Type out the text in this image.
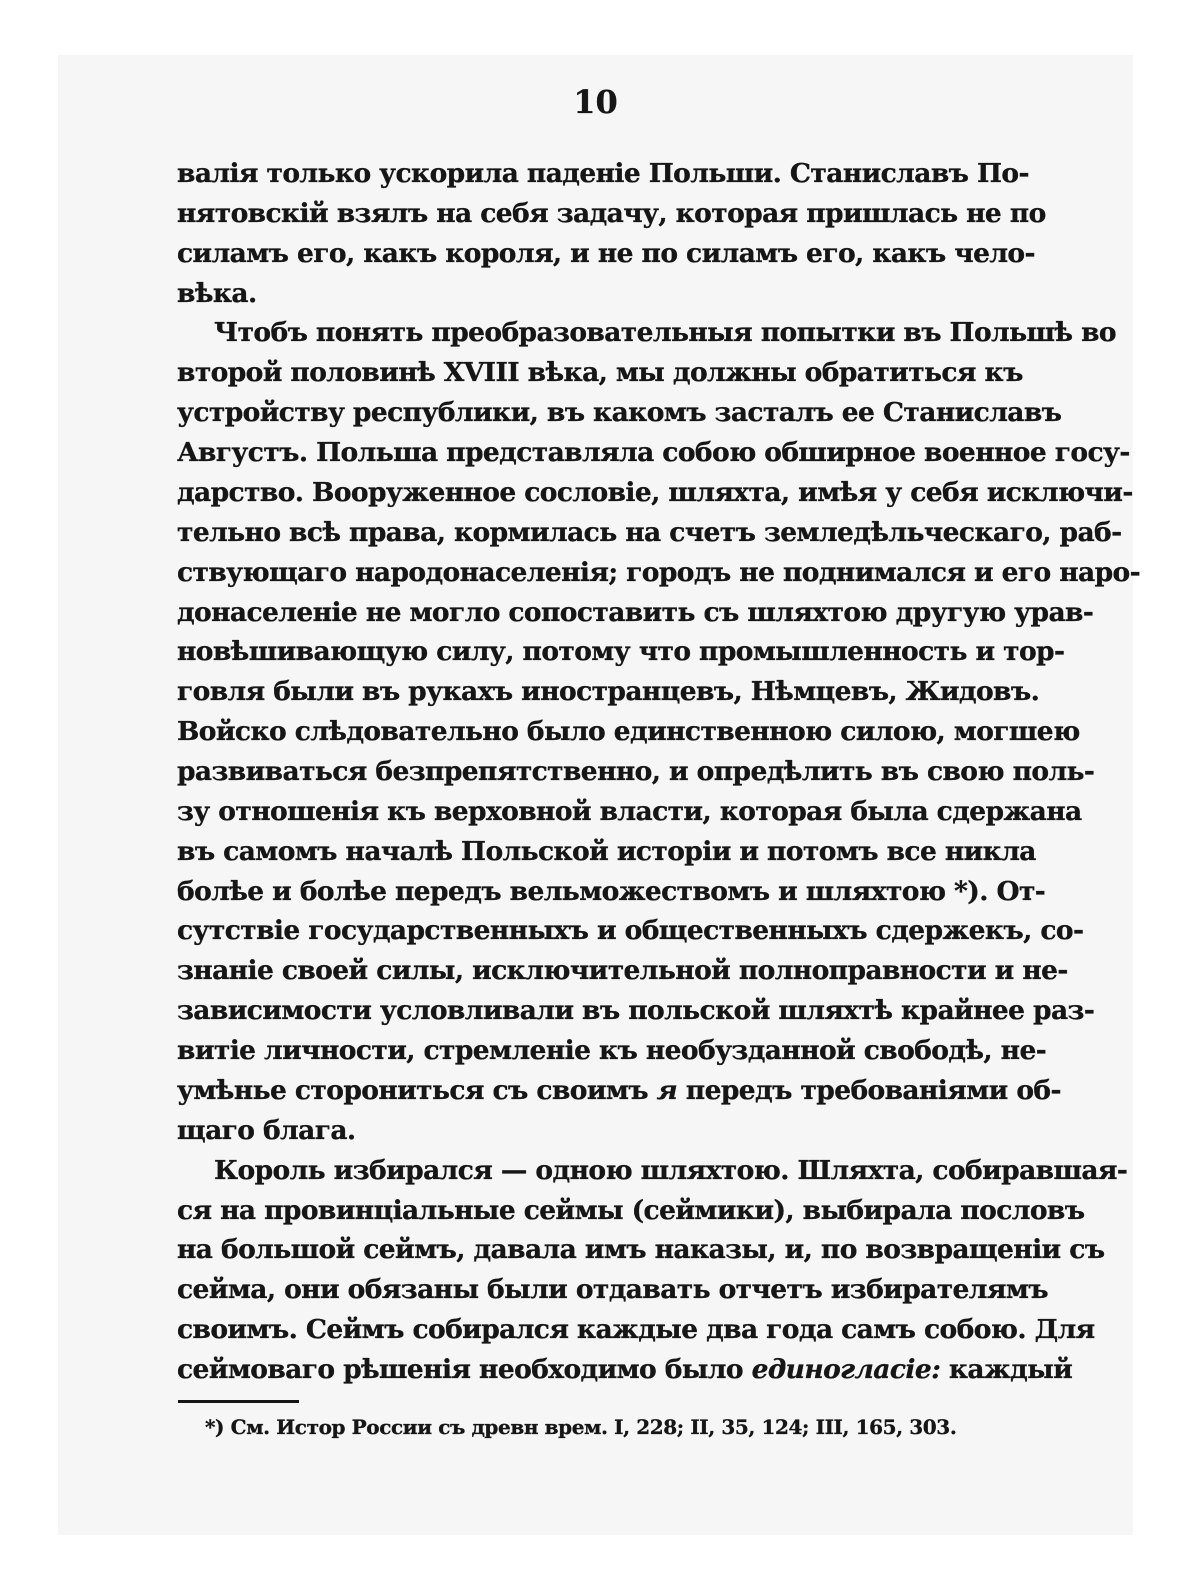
10
валія только ускорила паденіе Польши. Станиславъ По-
нятовскій взялъ на себя задачу, которая пришлась не по
силамъ его, какъ короля, и не по силамъ его, какъ чело-
вѣка.
Чтобъ понять преобразовательныя попытки въ Польшѣ во
второй половинѣ XVIII вѣка, мы должны обратиться къ
устройству республики, въ какомъ засталъ ее Станиславъ
Августъ. Польша представляла собою обширное военное госу-
дарство. Вооруженное сословіе, шляхта, имѣя у себя исключи-
тельно всѣ права, кормилась на счетъ земледѣльческаго, раб-
ствующаго народонаселенія; городъ не поднимался и его наро-
донаселеніе не могло сопоставить съ шляхтою другую урав-
новѣшивающую силу, потому что промышленность и тор-
говля были въ рукахъ иностранцевъ, Нѣмцевъ, Жидовъ.
Войско слѣдовательно было единственною силою, могшею
развиваться безпрепятственно, и опредѣлить въ свою поль-
зу отношенія къ верховной власти, которая была сдержана
въ самомъ началѣ Польской исторіи и потомъ все никла
болѣе и болѣе передъ вельможествомъ и шляхтою *). От-
сутствіе государственныхъ и общественныхъ сдержекъ, со-
знаніе своей силы, исключительной полноправности и не-
зависимости условливали въ польской шляхтѣ крайнее раз-
витіе личности, стремленіе къ необузданной свободѣ, не-
умѣнье сторониться съ своимъ я передъ требованіями об-
щаго блага.
Король избирался — одною шляхтою. Шляхта, собиравшая-
ся на провинціальные сеймы (сеймики), выбирала пословъ
на большой сеймъ, давала имъ наказы, и, по возвращеніи съ
сейма, они обязаны были отдавать отчетъ избирателямъ
*) См. Истор России съ древн врем. I, 228; II, 35, 124; III, 165, 303.
своимъ. Сеймъ собирался каждые два года самъ собою. Для
сеймоваго рѣшенія необходимо было единогласіе: каждый
